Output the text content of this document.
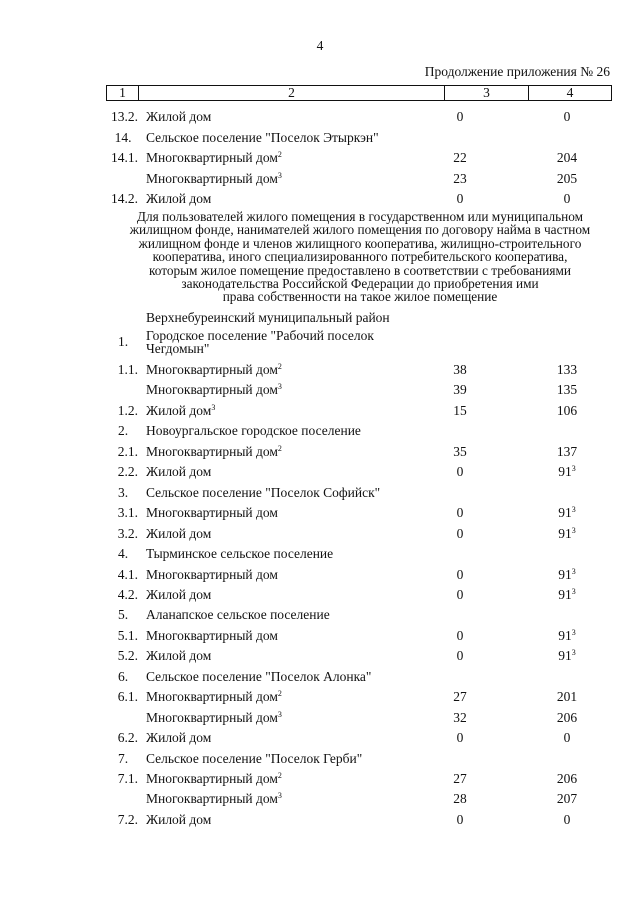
4
Продолжение приложения № 26
1	2	3	4
13.2. Жилой дом	0	0
14.	Сельское поселение "Поселок Этыркэн"
14.1. Многоквартирный дом$^2$	22	204
Многоквартирный дом$^3$	23	205
14.2. Жилой дом	0	0
Для пользователей жилого помещения в государственном или муниципальном
жилищном фонде, нанимателей жилого помещения по договору найма в частном
жилищном фонде и членов жилищного кооператива, жилищно-строительного
кооператива, иного специализированного потребительского кооператива,
которым жилое помещение предоставлено в соответствии с требованиями
законодательства Российской Федерации до приобретения ими
права собственности на такое жилое помещение
Верхнебуреинский муниципальный район
1.	Городское поселение "Рабочий поселок
Чегдомын"
1.1. Многоквартирный дом$^2$	38	133
Многоквартирный дом$^3$	39	135
1.2. Жилой дом$^3$	15	106
2.	Новоургальское городское поселение
2.1. Многоквартирный дом$^2$	35	137
2.2. Жилой дом	0	$91^3$
3.	Сельское поселение "Поселок Софийск"
3.1. Многоквартирный дом	0	$91^3$
3.2. Жилой дом	0	$91^3$
4.	Тырминское сельское поселение
4.1. Многоквартирный дом	0	$91^3$
4.2. Жилой дом	0	$91^3$
5.	Аланапское сельское поселение
5.1. Многоквартирный дом	0	$91^3$
5.2. Жилой дом	0	$91^3$
6.	Сельское поселение "Поселок Алонка"
6.1. Многоквартирный дом$^2$	27	201
Многоквартирный дом$^3$	32	206
6.2. Жилой дом	0	0
7.	Сельское поселение "Поселок Герби"
7.1. Многоквартирный дом$^2$	27	206
Многоквартирный дом$^3$	28	207
7.2. Жилой дом	0	0
